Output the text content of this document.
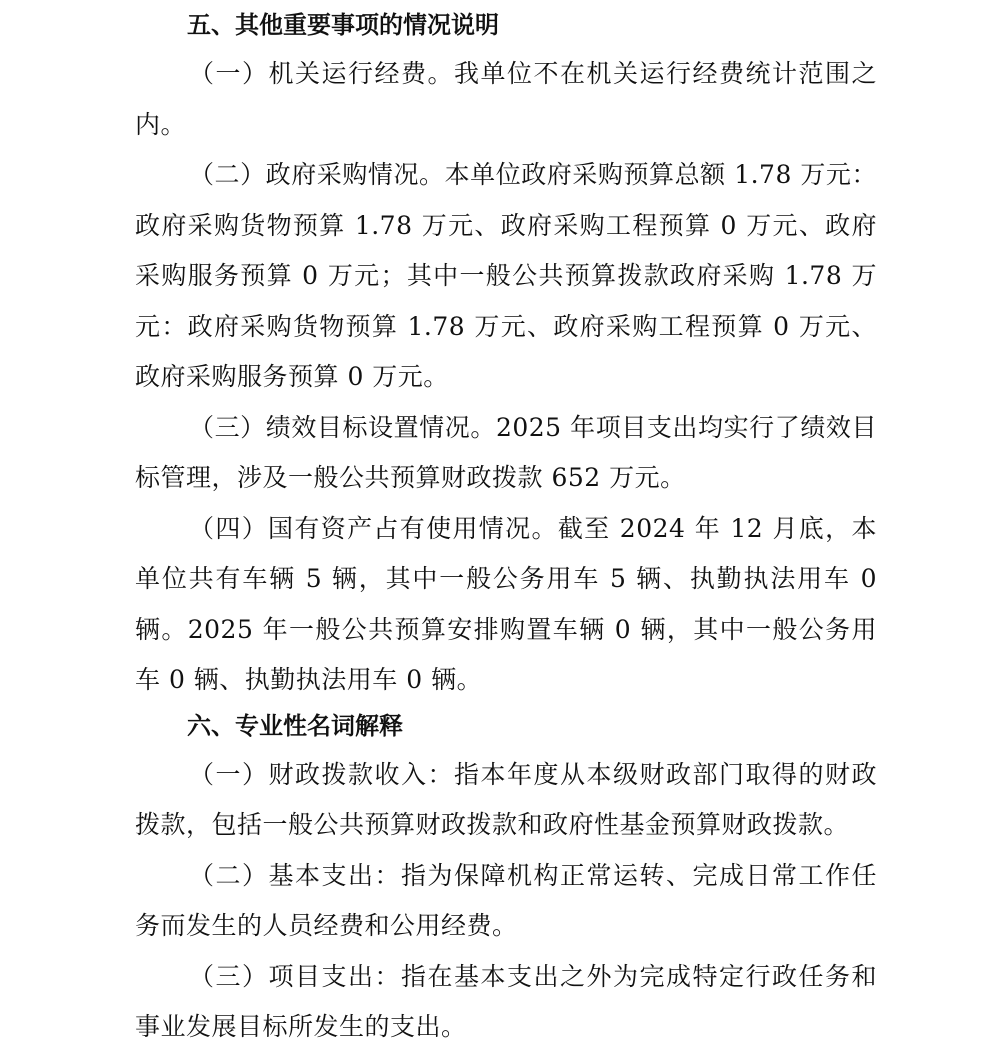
五、其他重要事项的情况说明

（一）机关运行经费。我单位不在机关运行经费统计范围之内。

（二）政府采购情况。本单位政府采购预算总额 1.78 万元：政府采购货物预算 1.78 万元、政府采购工程预算 0 万元、政府采购服务预算 0 万元；其中一般公共预算拨款政府采购 1.78 万元：政府采购货物预算 1.78 万元、政府采购工程预算 0 万元、政府采购服务预算 0 万元。

（三）绩效目标设置情况。2025 年项目支出均实行了绩效目标管理，涉及一般公共预算财政拨款 652 万元。

（四）国有资产占有使用情况。截至 2024 年 12 月底，本单位共有车辆 5 辆，其中一般公务用车 5 辆、执勤执法用车 0 辆。2025 年一般公共预算安排购置车辆 0 辆，其中一般公务用车 0 辆、执勤执法用车 0 辆。

六、专业性名词解释

（一）财政拨款收入：指本年度从本级财政部门取得的财政拨款，包括一般公共预算财政拨款和政府性基金预算财政拨款。

（二）基本支出：指为保障机构正常运转、完成日常工作任务而发生的人员经费和公用经费。

（三）项目支出：指在基本支出之外为完成特定行政任务和事业发展目标所发生的支出。
